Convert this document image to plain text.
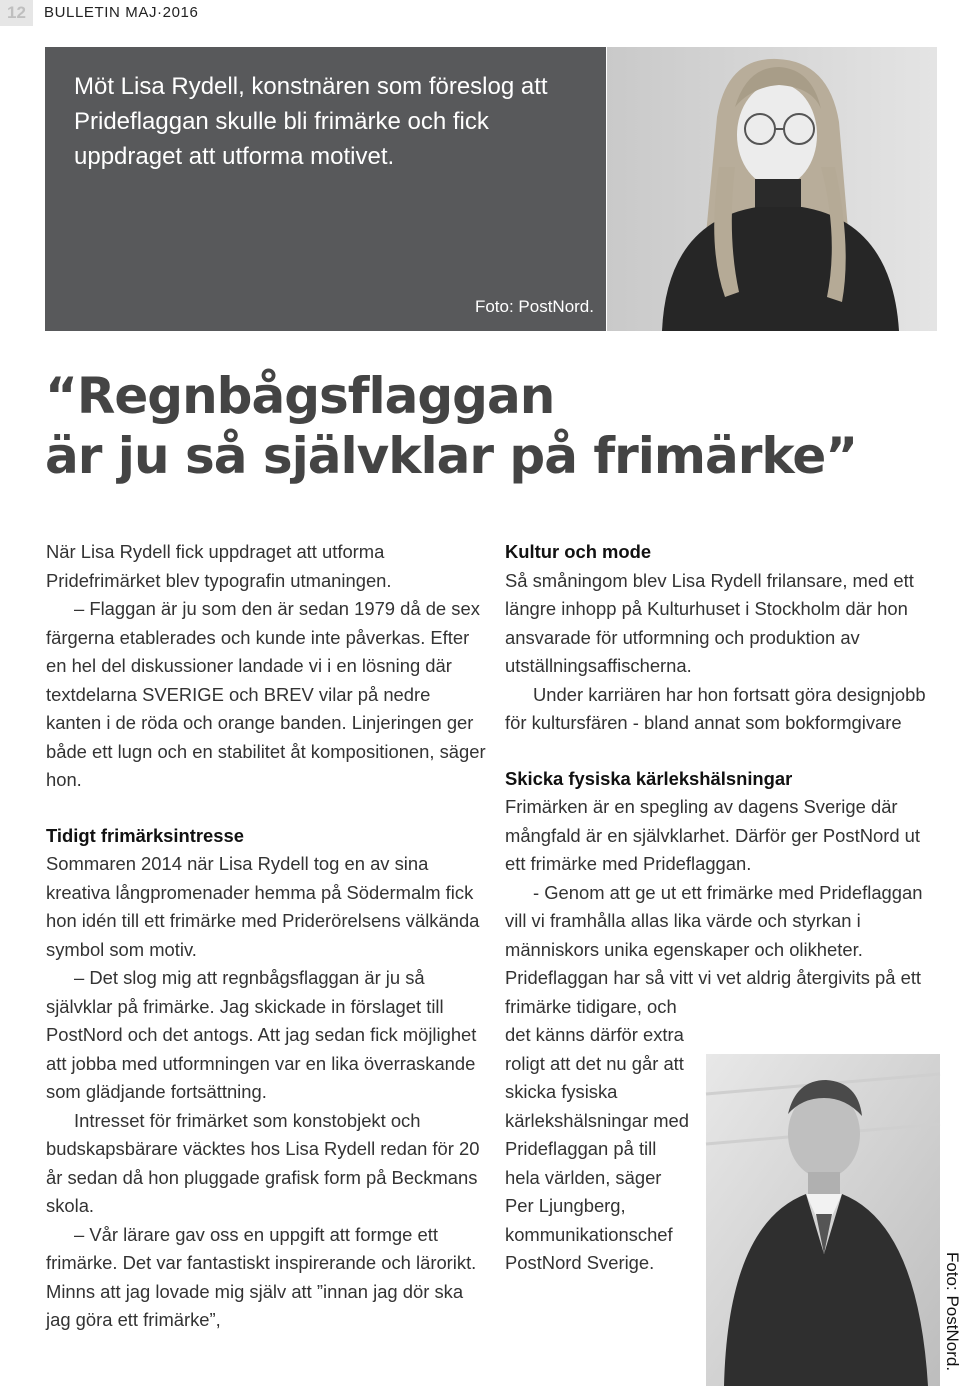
12	BULLETIN MAJ·2016
Möt Lisa Rydell, konstnären som föreslog att Prideflaggan skulle bli frimärke och fick uppdraget att utforma motivet.
Foto: PostNord.
“Regnbågsflaggan
är ju så självklar på frimärke”

När Lisa Rydell fick uppdraget att utforma Pridefrimärket blev typografin utmaningen.

– Flaggan är ju som den är sedan 1979 då de sex färgerna etablerades och kunde inte påverkas. Efter en hel del diskussioner landade vi i en lösning där textdelarna SVERIGE och BREV vilar på nedre kanten i de röda och orange banden. Linjeringen ger både ett lugn och en stabilitet åt kompositionen, säger hon.

Tidigt frimärksintresse

Sommaren 2014 när Lisa Rydell tog en av sina kreativa långpromenader hemma på Södermalm fick hon idén till ett frimärke med Priderörelsens välkända symbol som motiv.

– Det slog mig att regnbågsflaggan är ju så självklar på frimärke. Jag skickade in förslaget till PostNord och det antogs. Att jag sedan fick möjlighet att jobba med utformningen var en lika överraskande som glädjande fortsättning.

Intresset för frimärket som konstobjekt och budskapsbärare väcktes hos Lisa Rydell redan för 20 år sedan då hon pluggade grafisk form på Beckmans skola.

– Vår lärare gav oss en uppgift att formge ett frimärke. Det var fantastiskt inspirerande och lärorikt. Minns att jag lovade mig själv att ”innan jag dör ska jag göra ett frimärke”,

Kultur och mode

Så småningom blev Lisa Rydell frilansare, med ett längre inhopp på Kulturhuset i Stockholm där hon ansvarade för utformning och produktion av utställningsaffischerna.

Under karriären har hon fortsatt göra designjobb för kultursfären - bland annat som bokformgivare

Skicka fysiska kärlekshälsningar

Frimärken är en spegling av dagens Sverige där mångfald är en självklarhet. Därför ger PostNord ut ett frimärke med Prideflaggan.

- Genom att ge ut ett frimärke med Prideflaggan vill vi framhålla allas lika värde och styrkan i människors unika egenskaper och olikheter. Prideflaggan har så vitt vi vet aldrig återgivits på ett

frimärke tidigare, och det känns därför extra roligt att det nu går att skicka fysiska kärlekshälsningar med Prideflaggan på till hela världen, säger Per Ljungberg, kommunikationschef PostNord Sverige.	Foto: PostNord.
